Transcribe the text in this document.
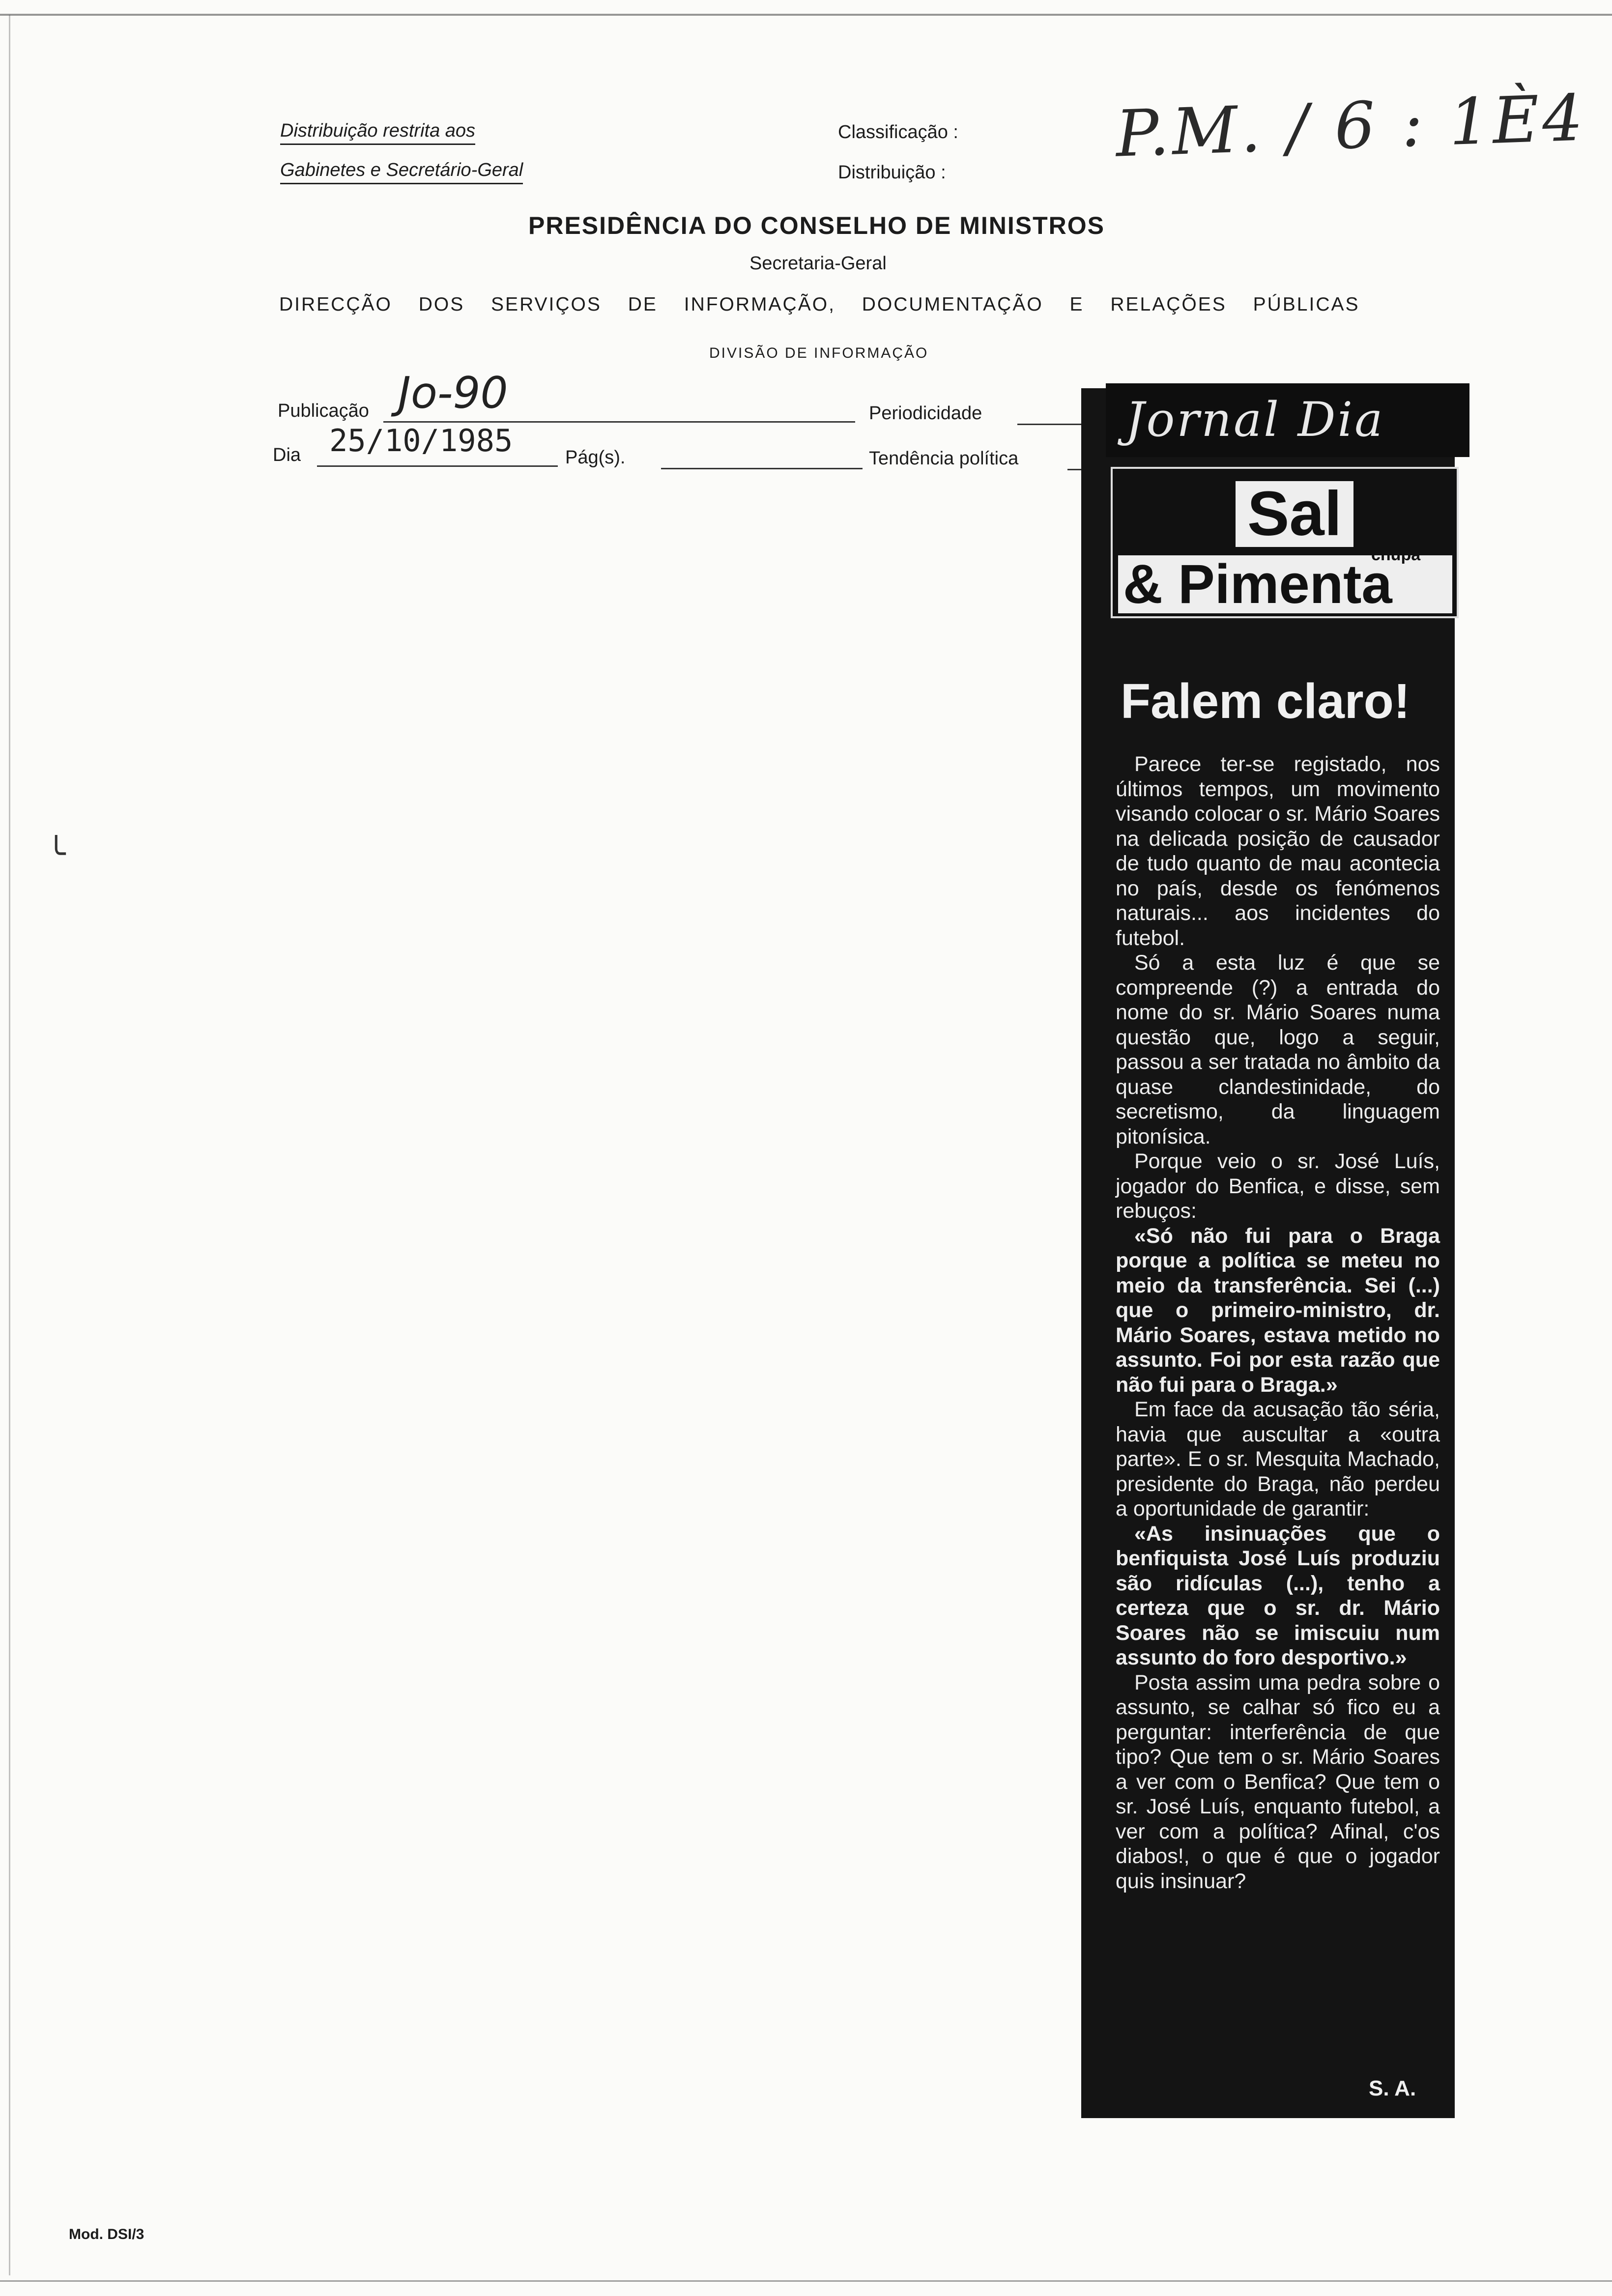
Distribuição restrita aos
Gabinetes e Secretário-Geral
Classificação :
Distribuição :
P.M. / 6 : 1Ѐ4
PRESIDÊNCIA DO CONSELHO DE MINISTROS
Secretaria-Geral
DIRECÇÃO DOS SERVIÇOS DE INFORMAÇÃO, DOCUMENTAÇÃO E RELAÇÕES PÚBLICAS
DIVISÃO DE INFORMAÇÃO
Publicação Jo-90
Dia 25/10/1985	Pág(s).
Periodicidade
Tendência política
Jornal Dia
Sal
& Pimenta
chupa
Falem claro!

Parece ter-se registado, nos últimos tempos, um movimento visando colocar o sr. Mário Soares na delicada posição de causador de tudo quanto de mau acontecia no país, desde os fenómenos naturais... aos incidentes do futebol.

Só a esta luz é que se compreende (?) a entrada do nome do sr. Mário Soares numa questão que, logo a seguir, passou a ser tratada no âmbito da quase clandestinidade, do secretismo, da linguagem pitonísica.

Porque veio o sr. José Luís, jogador do Benfica, e disse, sem rebuços:

«Só não fui para o Braga porque a política se meteu no meio da transferência. Sei (...) que o primeiro-ministro, dr. Mário Soares, estava metido no assunto. Foi por esta razão que não fui para o Braga.»

Em face da acusação tão séria, havia que auscultar a «outra parte». E o sr. Mesquita Machado, presidente do Braga, não perdeu a oportunidade de garantir:

«As insinuações que o benfiquista José Luís produziu são ridículas (...), tenho a certeza que o sr. dr. Mário Soares não se imiscuiu num assunto do foro desportivo.»

Posta assim uma pedra sobre o assunto, se calhar só fico eu a perguntar: interferência de que tipo? Que tem o sr. Mário Soares a ver com o Benfica? Que tem o sr. José Luís, enquanto futebol, a ver com a política? Afinal, c'os diabos!, o que é que o jogador quis insinuar?

S. A.
╰
Mod. DSI/3
